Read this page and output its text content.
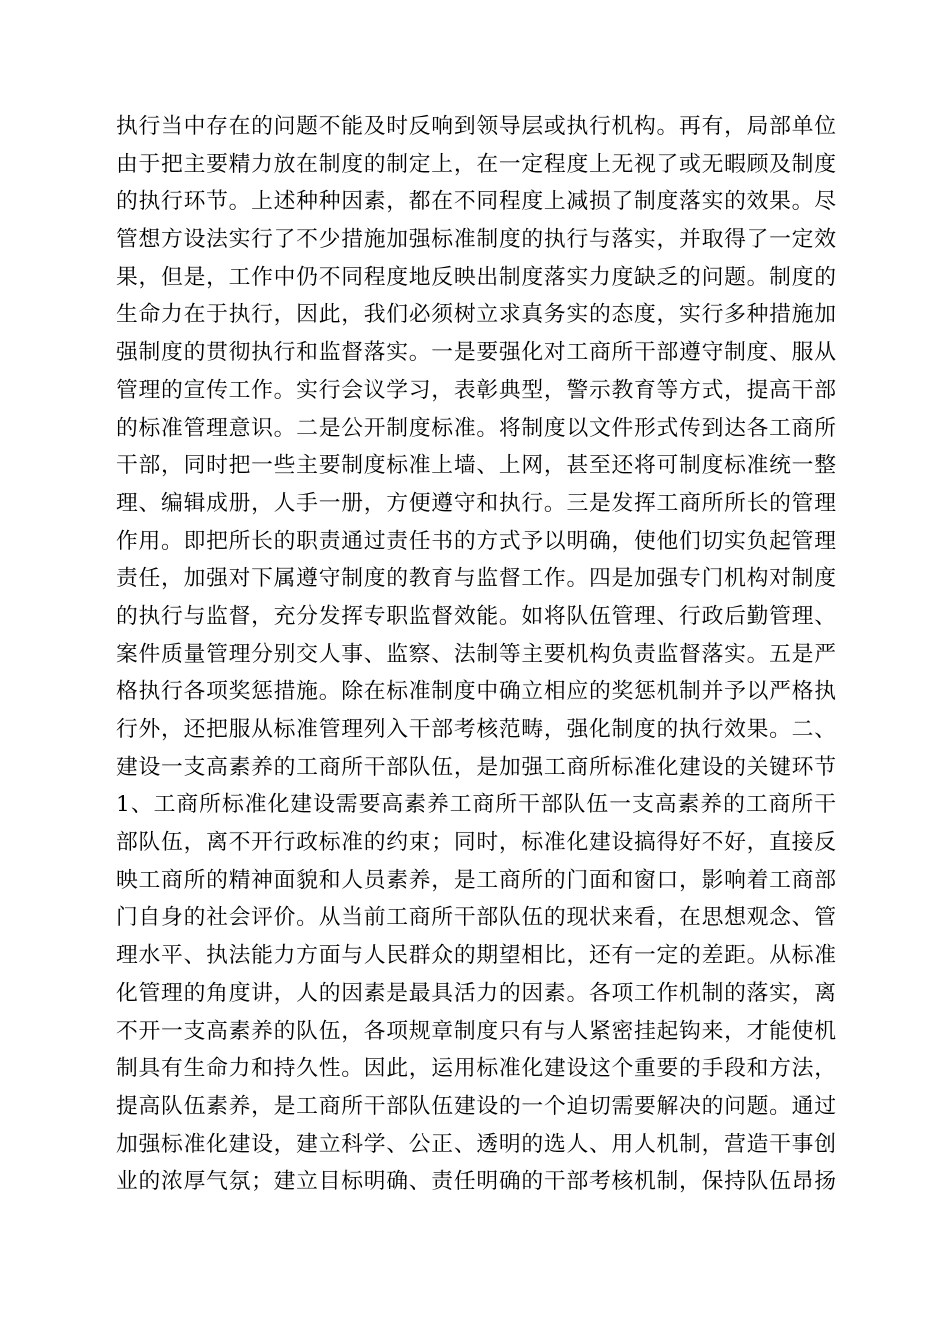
执行当中存在的问题不能及时反响到领导层或执行机构。再有，局部单位
由于把主要精力放在制度的制定上，在一定程度上无视了或无暇顾及制度
的执行环节。上述种种因素，都在不同程度上减损了制度落实的效果。尽
管想方设法实行了不少措施加强标准制度的执行与落实，并取得了一定效
果，但是，工作中仍不同程度地反映出制度落实力度缺乏的问题。制度的
生命力在于执行，因此，我们必须树立求真务实的态度，实行多种措施加
强制度的贯彻执行和监督落实。一是要强化对工商所干部遵守制度、服从
管理的宣传工作。实行会议学习，表彰典型，警示教育等方式，提高干部
的标准管理意识。二是公开制度标准。将制度以文件形式传到达各工商所
干部，同时把一些主要制度标准上墙、上网，甚至还将可制度标准统一整
理、编辑成册，人手一册，方便遵守和执行。三是发挥工商所所长的管理
作用。即把所长的职责通过责任书的方式予以明确，使他们切实负起管理
责任，加强对下属遵守制度的教育与监督工作。四是加强专门机构对制度
的执行与监督，充分发挥专职监督效能。如将队伍管理、行政后勤管理、
案件质量管理分别交人事、监察、法制等主要机构负责监督落实。五是严
格执行各项奖惩措施。除在标准制度中确立相应的奖惩机制并予以严格执
行外，还把服从标准管理列入干部考核范畴，强化制度的执行效果。二、
建设一支高素养的工商所干部队伍，是加强工商所标准化建设的关键环节
1、工商所标准化建设需要高素养工商所干部队伍一支高素养的工商所干
部队伍，离不开行政标准的约束；同时，标准化建设搞得好不好，直接反
映工商所的精神面貌和人员素养，是工商所的门面和窗口，影响着工商部
门自身的社会评价。从当前工商所干部队伍的现状来看，在思想观念、管
理水平、执法能力方面与人民群众的期望相比，还有一定的差距。从标准
化管理的角度讲，人的因素是最具活力的因素。各项工作机制的落实，离
不开一支高素养的队伍，各项规章制度只有与人紧密挂起钩来，才能使机
制具有生命力和持久性。因此，运用标准化建设这个重要的手段和方法，
提高队伍素养，是工商所干部队伍建设的一个迫切需要解决的问题。通过
加强标准化建设，建立科学、公正、透明的选人、用人机制，营造干事创
业的浓厚气氛；建立目标明确、责任明确的干部考核机制，保持队伍昂扬
